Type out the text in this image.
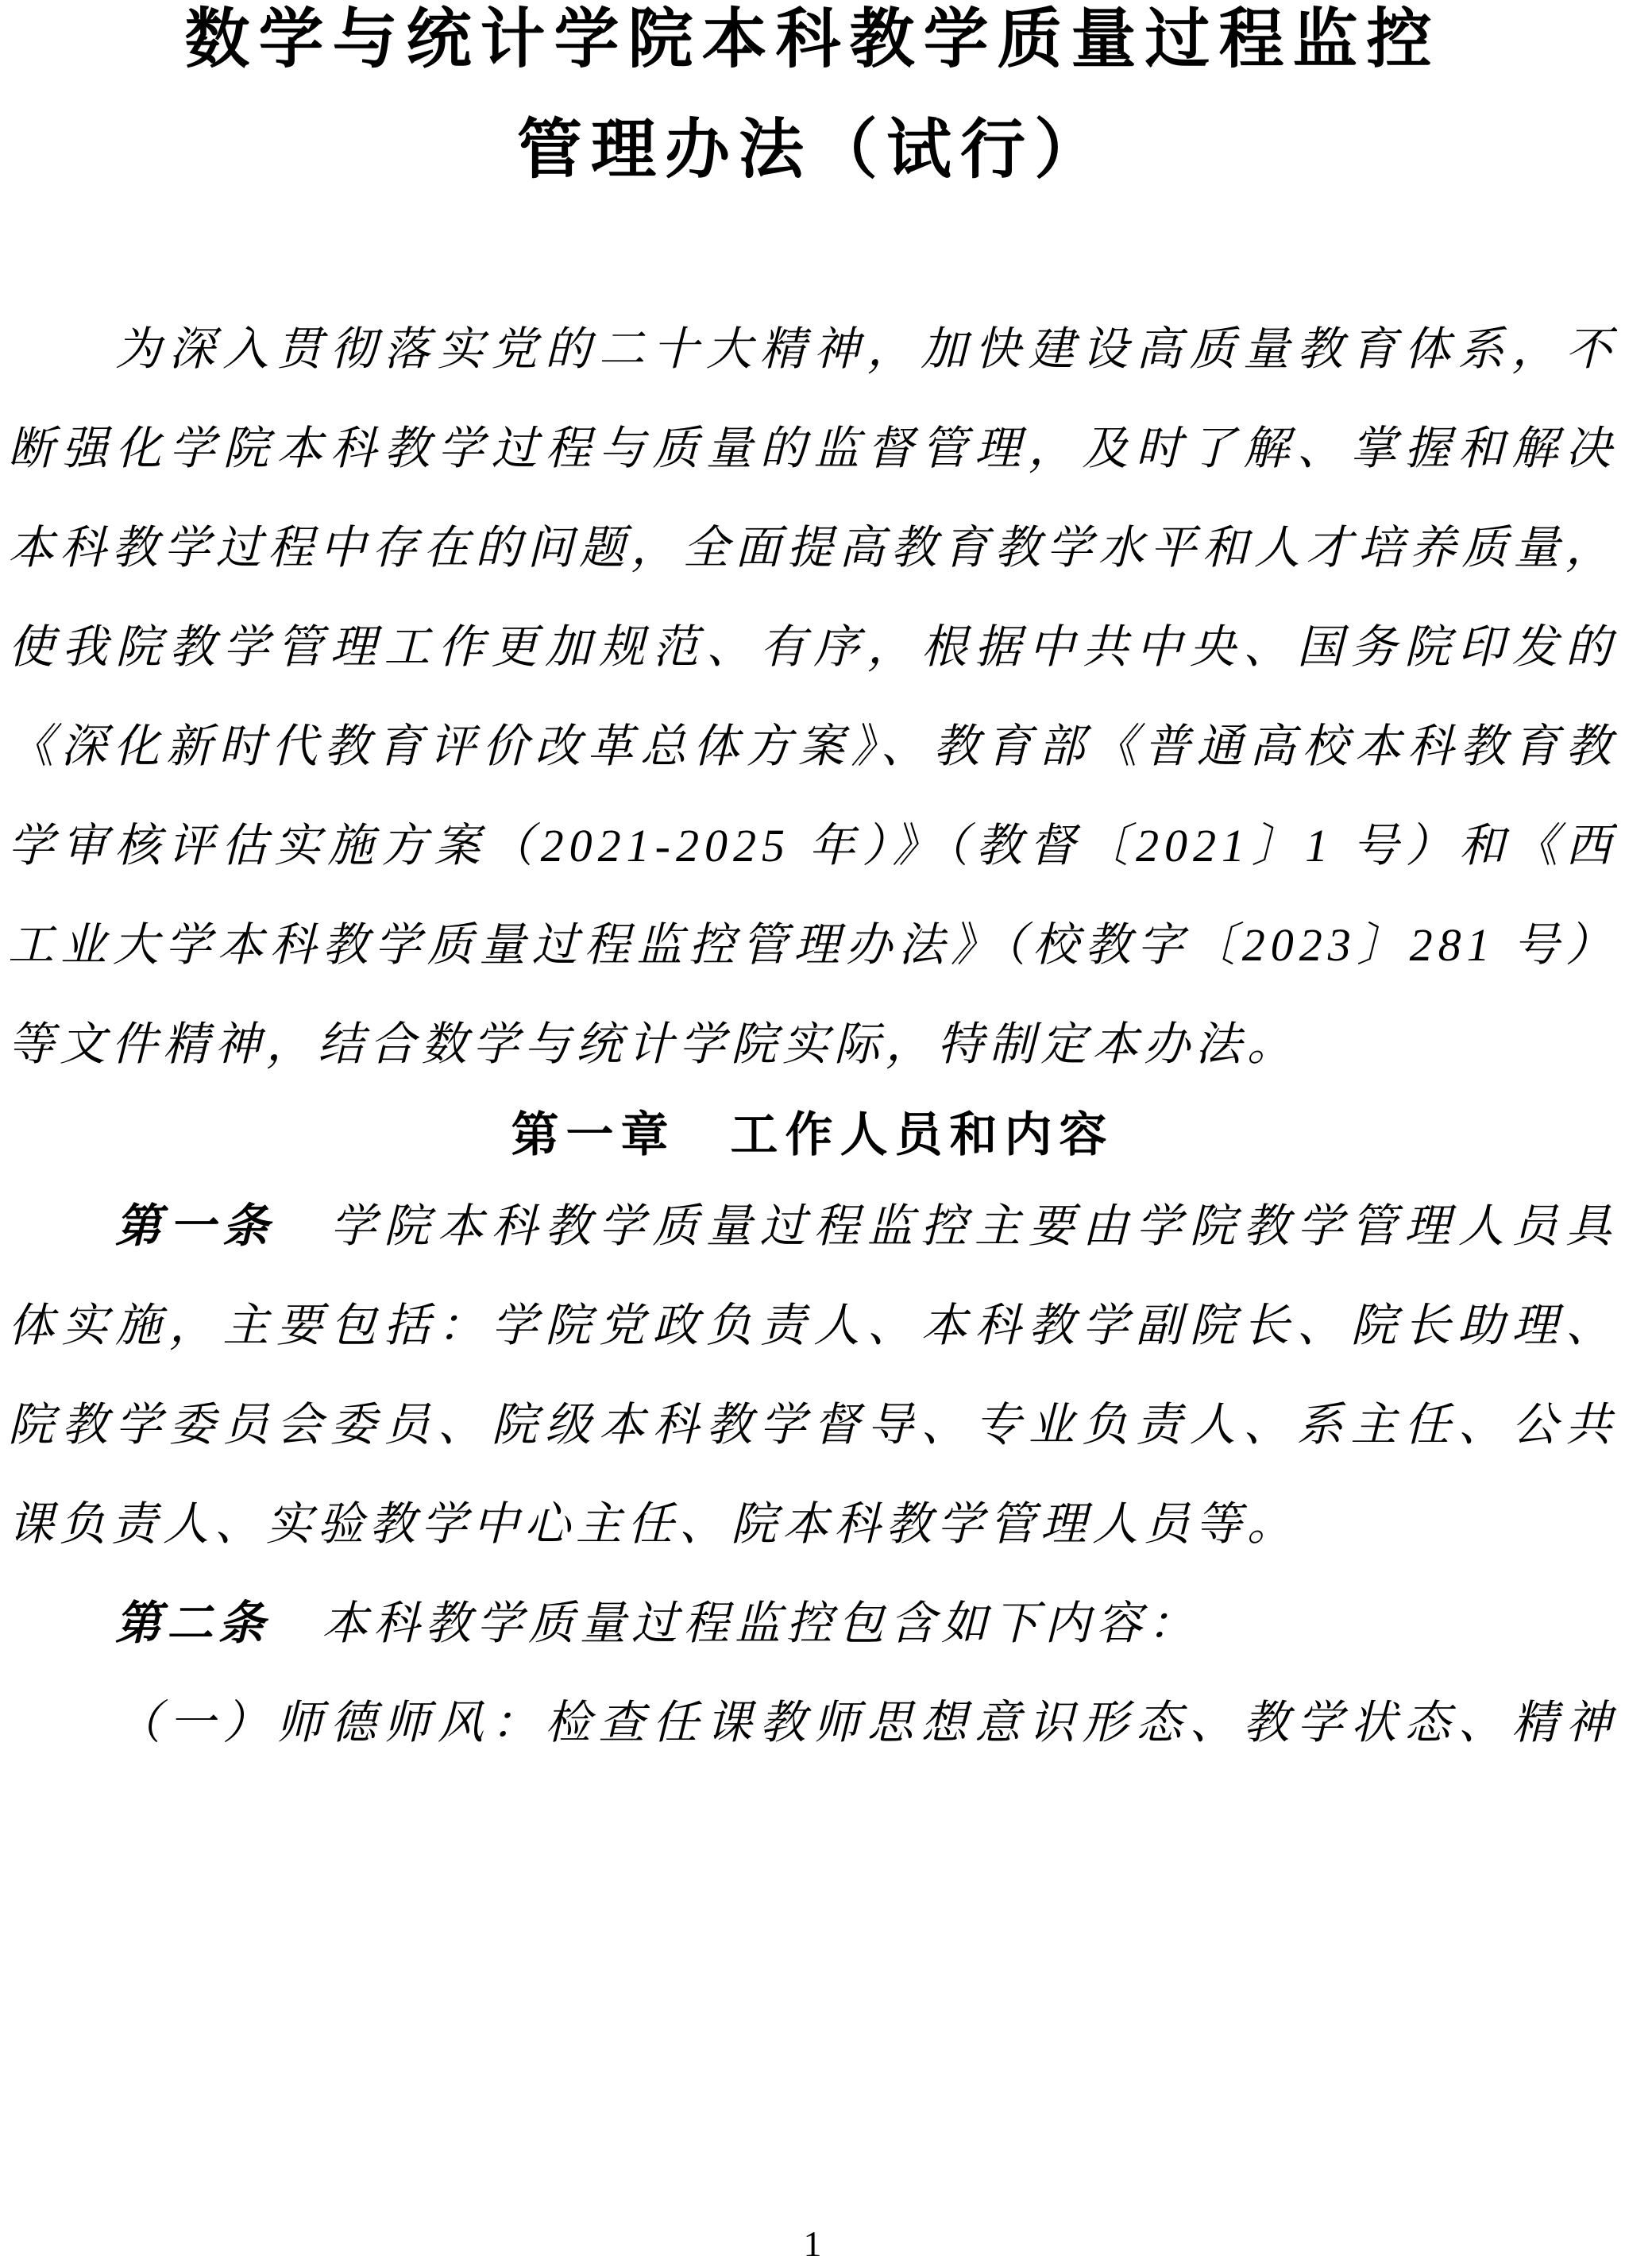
数学与统计学院本科教学质量过程监控
管理办法（试行）
为深入贯彻落实党的二十大精神，加快建设高质量教育体系，不
断强化学院本科教学过程与质量的监督管理，及时了解、掌握和解决
本科教学过程中存在的问题，全面提高教育教学水平和人才培养质量，
使我院教学管理工作更加规范、有序，根据中共中央、国务院印发的
《深化新时代教育评价改革总体方案》、教育部《普通高校本科教育教
学审核评估实施方案（2021-2025 年）》（教督〔2021〕1 号）和《西
工业大学本科教学质量过程监控管理办法》（校教字〔2023〕281 号）
等文件精神，结合数学与统计学院实际，特制定本办法。
第一章　工作人员和内容
第一条　学院本科教学质量过程监控主要由学院教学管理人员具
体实施，主要包括：学院党政负责人、本科教学副院长、院长助理、
院教学委员会委员、院级本科教学督导、专业负责人、系主任、公共
课负责人、实验教学中心主任、院本科教学管理人员等。
第二条　本科教学质量过程监控包含如下内容：
（一）师德师风：检查任课教师思想意识形态、教学状态、精神
1
